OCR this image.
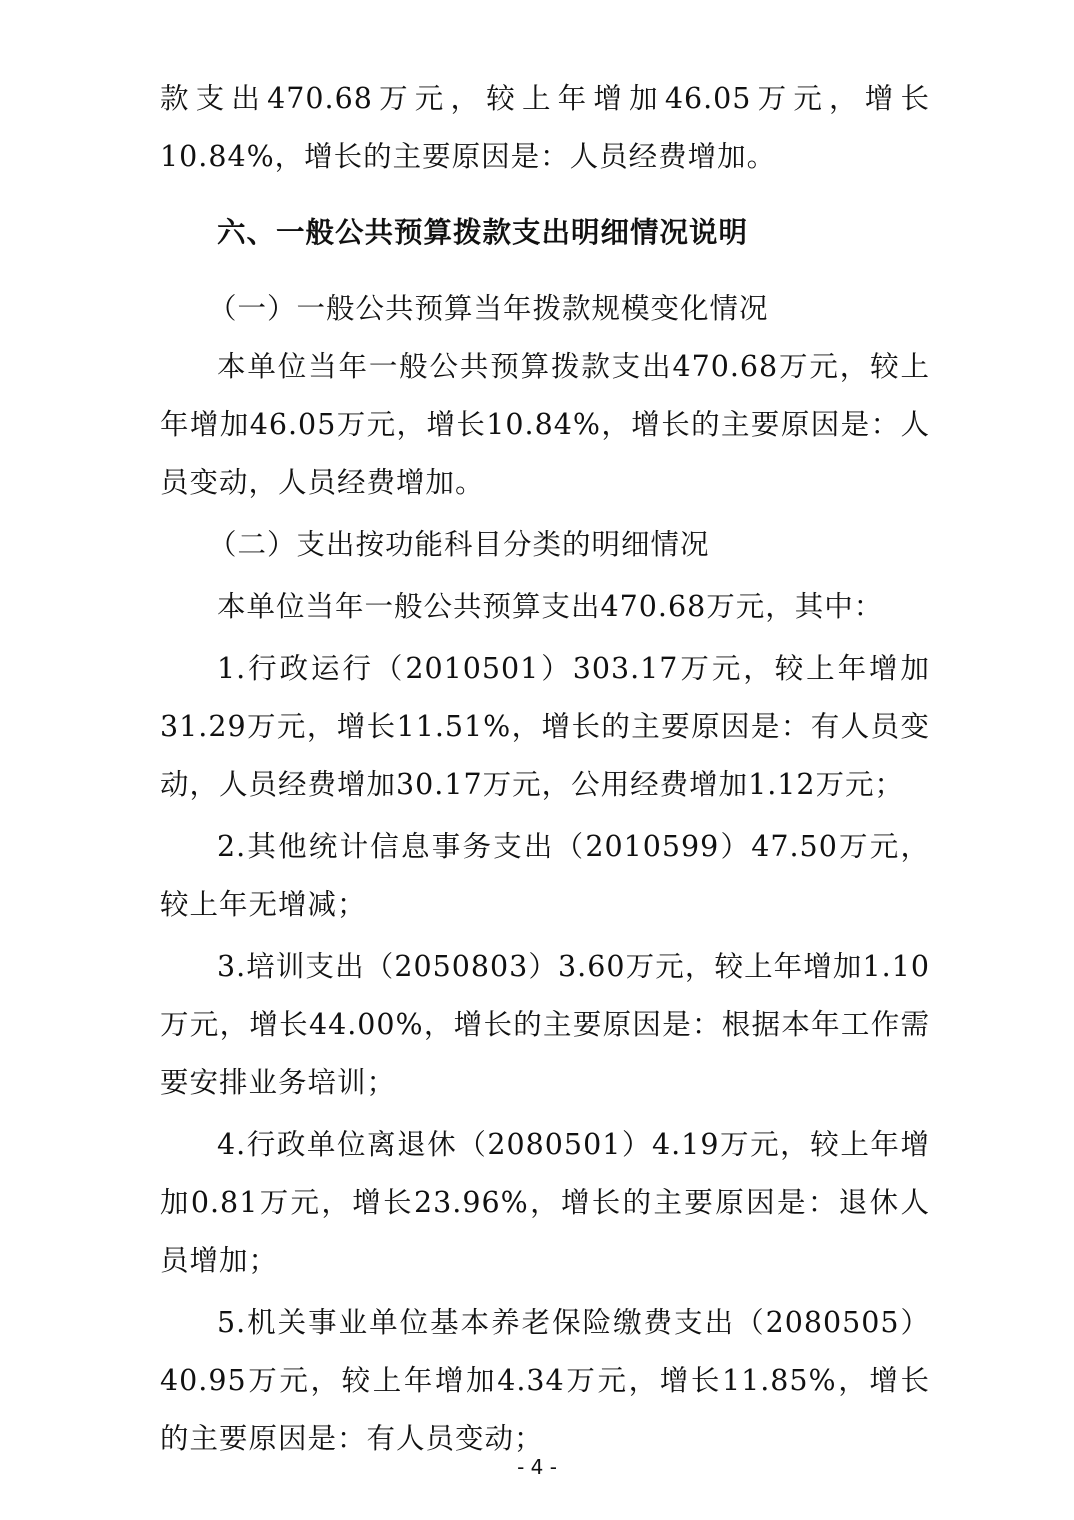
款支出470.68万元，较上年增加46.05万元，增长10.84%，增长的主要原因是：人员经费增加。

六、一般公共预算拨款支出明细情况说明

（一）一般公共预算当年拨款规模变化情况

本单位当年一般公共预算拨款支出470.68万元，较上年增加46.05万元，增长10.84%，增长的主要原因是：人员变动，人员经费增加。

（二）支出按功能科目分类的明细情况

本单位当年一般公共预算支出470.68万元，其中：

1.行政运行（2010501）303.17万元，较上年增加31.29万元，增长11.51%，增长的主要原因是：有人员变动，人员经费增加30.17万元，公用经费增加1.12万元；

2.其他统计信息事务支出（2010599）47.50万元，较上年无增减；

3.培训支出（2050803）3.60万元，较上年增加1.10万元，增长44.00%，增长的主要原因是：根据本年工作需要安排业务培训；

4.行政单位离退休（2080501）4.19万元，较上年增加0.81万元，增长23.96%，增长的主要原因是：退休人员增加；

5.机关事业单位基本养老保险缴费支出（2080505）40.95万元，较上年增加4.34万元，增长11.85%，增长的主要原因是：有人员变动；

- 4 -
